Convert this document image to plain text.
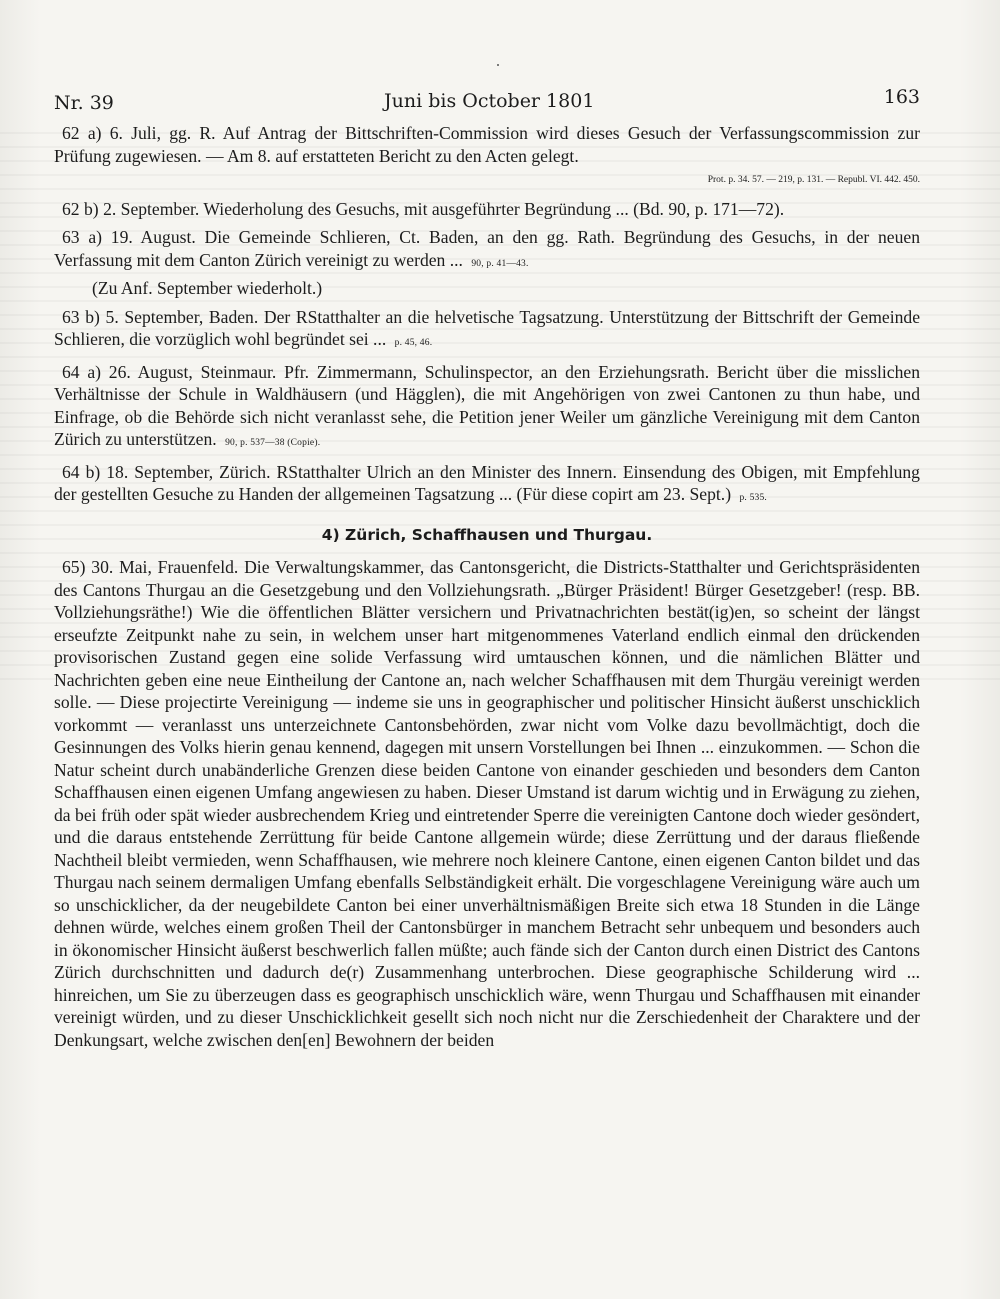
Nr. 39	Juni bis October 1801	163

62 a) 6. Juli, gg. R. Auf Antrag der Bittschriften-Commission wird dieses Gesuch der Verfassungscommission zur Prüfung zugewiesen. — Am 8. auf erstatteten Bericht zu den Acten gelegt.

Prot. p. 34. 57. — 219, p. 131. — Republ. VI. 442. 450.

62 b) 2. September. Wiederholung des Gesuchs, mit ausgeführter Begründung ... (Bd. 90, p. 171—72).

63 a) 19. August. Die Gemeinde Schlieren, Ct. Baden, an den gg. Rath. Begründung des Gesuchs, in der neuen Verfassung mit dem Canton Zürich vereinigt zu werden ... 90, p. 41—43.

(Zu Anf. September wiederholt.)

63 b) 5. September, Baden. Der RStatthalter an die helvetische Tagsatzung. Unterstützung der Bittschrift der Gemeinde Schlieren, die vorzüglich wohl begründet sei ... p. 45, 46.

64 a) 26. August, Steinmaur. Pfr. Zimmermann, Schulinspector, an den Erziehungsrath. Bericht über die misslichen Verhältnisse der Schule in Waldhäusern (und Hägglen), die mit Angehörigen von zwei Cantonen zu thun habe, und Einfrage, ob die Behörde sich nicht veranlasst sehe, die Petition jener Weiler um gänzliche Vereinigung mit dem Canton Zürich zu unterstützen. 90, p. 537—38 (Copie).

64 b) 18. September, Zürich. RStatthalter Ulrich an den Minister des Innern. Einsendung des Obigen, mit Empfehlung der gestellten Gesuche zu Handen der allgemeinen Tagsatzung ... (Für diese copirt am 23. Sept.) p. 535.

4) Zürich, Schaffhausen und Thurgau.

65) 30. Mai, Frauenfeld. Die Verwaltungskammer, das Cantonsgericht, die Districts-Statthalter und Gerichtspräsidenten des Cantons Thurgau an die Gesetzgebung und den Vollziehungsrath. „Bürger Präsident! Bürger Gesetzgeber! (resp. BB. Vollziehungsräthe!) Wie die öffentlichen Blätter versichern und Privatnachrichten bestät(ig)en, so scheint der längst erseufzte Zeitpunkt nahe zu sein, in welchem unser hart mitgenommenes Vaterland endlich einmal den drückenden provisorischen Zustand gegen eine solide Verfassung wird umtauschen können, und die nämlichen Blätter und Nachrichten geben eine neue Eintheilung der Cantone an, nach welcher Schaffhausen mit dem Thurgäu vereinigt werden solle. — Diese projectirte Vereinigung — indeme sie uns in geographischer und politischer Hinsicht äußerst unschicklich vorkommt — veranlasst uns unterzeichnete Cantonsbehörden, zwar nicht vom Volke dazu bevollmächtigt, doch die Gesinnungen des Volks hierin genau kennend, dagegen mit unsern Vorstellungen bei Ihnen ... einzukommen. — Schon die Natur scheint durch unabänderliche Grenzen diese beiden Cantone von einander geschieden und besonders dem Canton Schaffhausen einen eigenen Umfang angewiesen zu haben. Dieser Umstand ist darum wichtig und in Erwägung zu ziehen, da bei früh oder spät wieder ausbrechendem Krieg und eintretender Sperre die vereinigten Cantone doch wieder gesöndert, und die daraus entstehende Zerrüttung für beide Cantone allgemein würde; diese Zerrüttung und der daraus fließende Nachtheil bleibt vermieden, wenn Schaffhausen, wie mehrere noch kleinere Cantone, einen eigenen Canton bildet und das Thurgau nach seinem dermaligen Umfang ebenfalls Selbständigkeit erhält. Die vorgeschlagene Vereinigung wäre auch um so unschicklicher, da der neugebildete Canton bei einer unverhältnismäßigen Breite sich etwa 18 Stunden in die Länge dehnen würde, welches einem großen Theil der Cantonsbürger in manchem Betracht sehr unbequem und besonders auch in ökonomischer Hinsicht äußerst beschwerlich fallen müßte; auch fände sich der Canton durch einen District des Cantons Zürich durchschnitten und dadurch de(r) Zusammenhang unterbrochen. Diese geographische Schilderung wird ... hinreichen, um Sie zu überzeugen dass es geographisch unschicklich wäre, wenn Thurgau und Schaffhausen mit einander vereinigt würden, und zu dieser Unschicklichkeit gesellt sich noch nicht nur die Zerschiedenheit der Charaktere und der Denkungsart, welche zwischen den[en] Bewohnern der beiden
